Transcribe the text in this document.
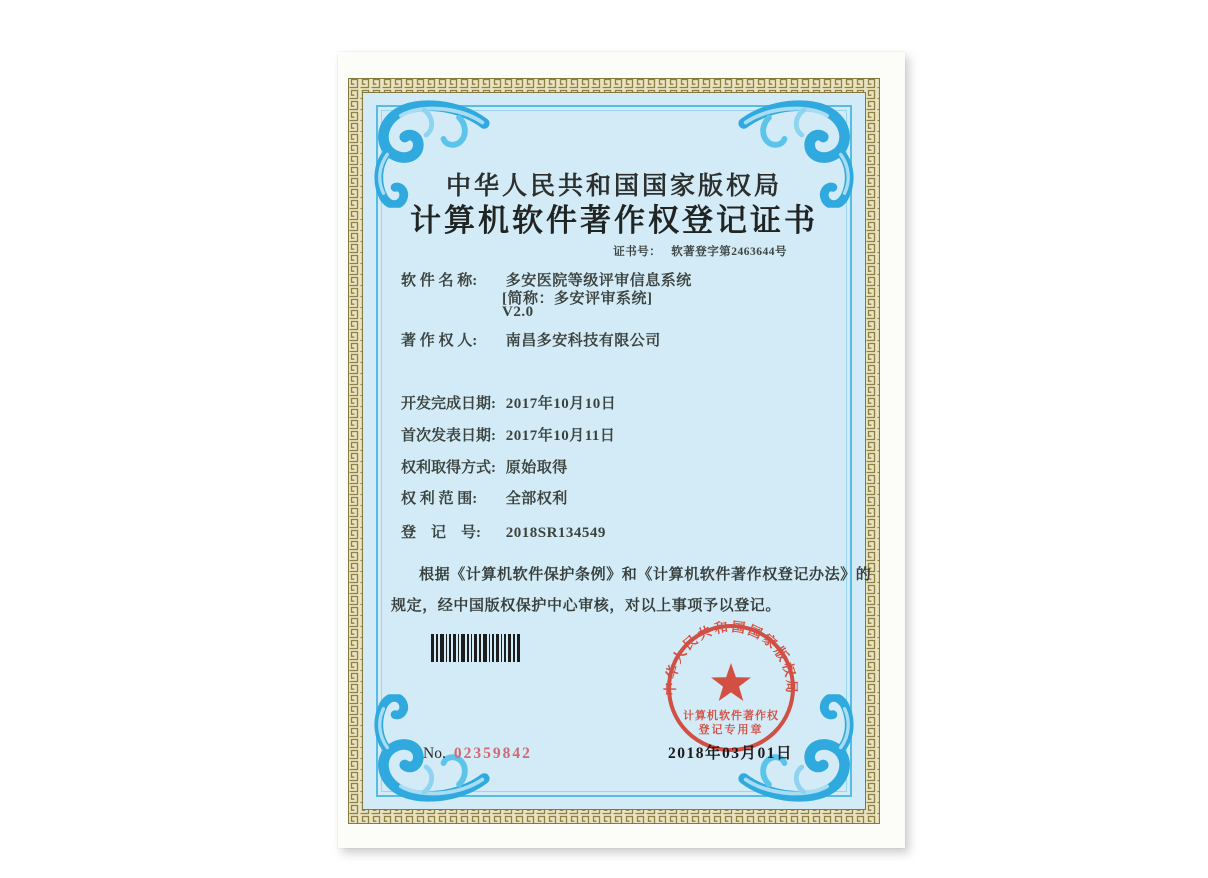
中华人民共和国国家版权局
计算机软件著作权登记证书
证书号： 软著登字第2463644号
软 件 名 称: 多安医院等级评审信息系统
[简称：多安评审系统]
V2.0
著 作 权 人: 南昌多安科技有限公司
开发完成日期: 2017年10月10日
首次发表日期: 2017年10月11日
权利取得方式: 原始取得
权 利 范 围: 全部权利
登　记　号: 2018SR134549
根据《计算机软件保护条例》和《计算机软件著作权登记办法》的
规定，经中国版权保护中心审核，对以上事项予以登记。
中华人民共和国国家版权局
计算机软件著作权
登记专用章
2018年03月01日
No. 02359842
